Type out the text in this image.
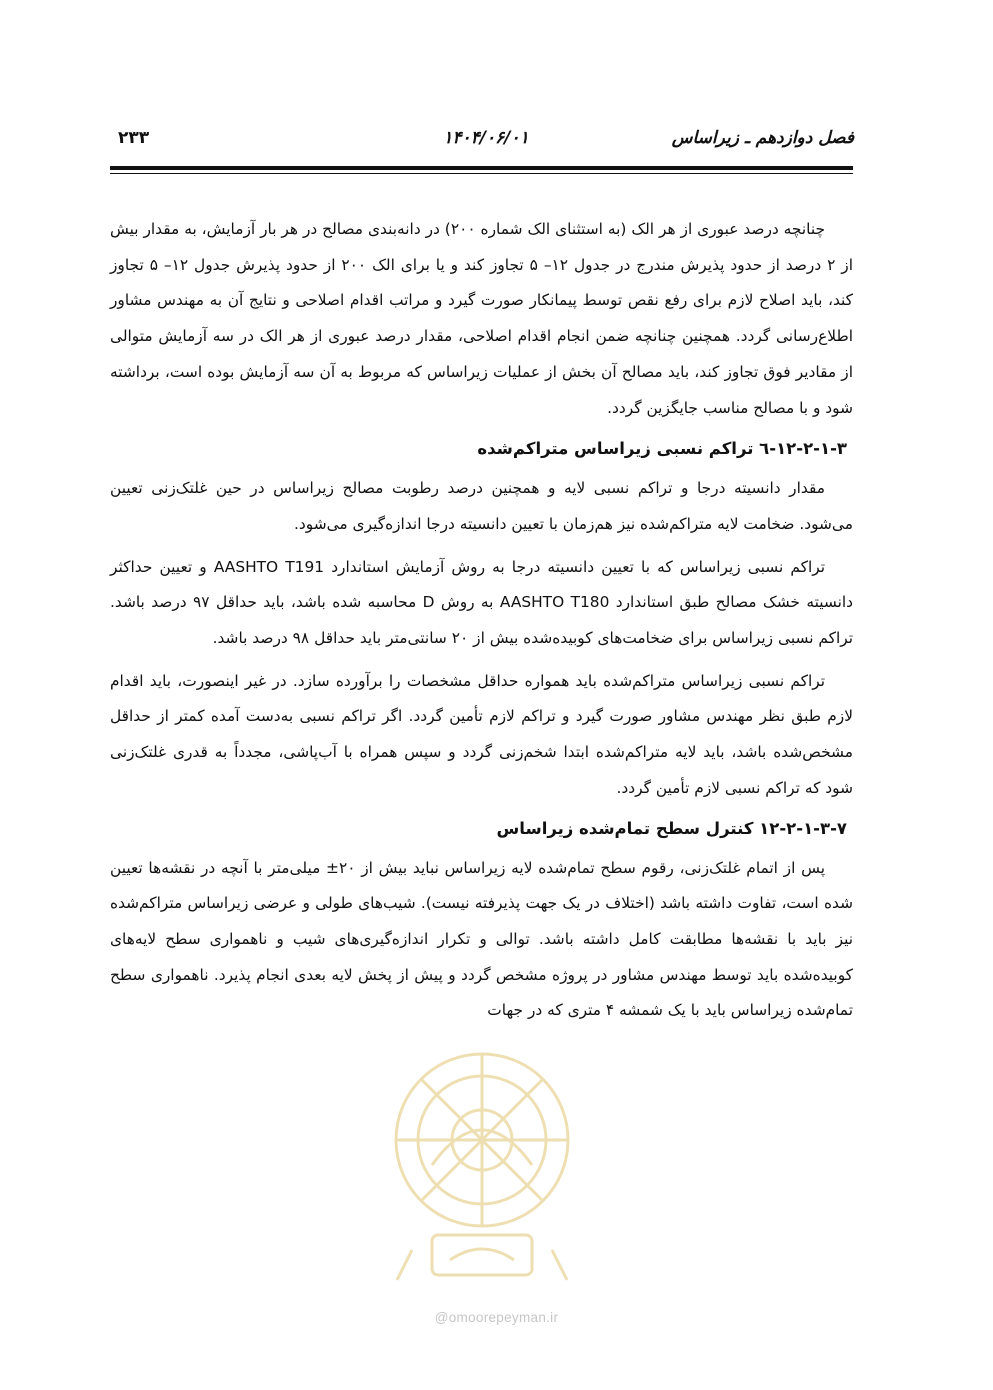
فصل دوازدهم ـ زیراساس
۱۴۰۴/۰۶/۰۱
۲۳۳
@omoorepeyman.ir

چنانچه درصد عبوری از هر الک (به استثنای الک شماره ۲۰۰) در دانه‌بندی مصالح در هر بار آزمایش، به مقدار بیش از ۲ درصد از حدود پذیرش مندرج در جدول ۱۲– ۵ تجاوز کند و یا برای الک ۲۰۰ از حدود پذیرش جدول ۱۲– ۵ تجاوز کند، باید اصلاح لازم برای رفع نقص توسط پیمانکار صورت گیرد و مراتب اقدام اصلاحی و نتایج آن به مهندس مشاور اطلاع‌رسانی گردد. همچنین چنانچه ضمن انجام اقدام اصلاحی، مقدار درصد عبوری از هر الک در سه آزمایش متوالی از مقادیر فوق تجاوز کند، باید مصالح آن بخش از عملیات زیراساس که مربوط به آن سه آزمایش بوده است، برداشته شود و با مصالح مناسب جایگزین گردد.

۱۲-۲-۱-۳-٦ تراکم نسبی زیراساس متراکم‌شده

مقدار دانسیته درجا و تراکم نسبی لایه و همچنین درصد رطوبت مصالح زیراساس در حین غلتک‌زنی تعیین می‌شود. ضخامت لایه متراکم‌شده نیز هم‌زمان با تعیین دانسیته درجا اندازه‌گیری می‌شود.

تراکم نسبی زیراساس که با تعیین دانسیته درجا به روش آزمایش استاندارد AASHTO T191 و تعیین حداکثر دانسیته خشک مصالح طبق استاندارد AASHTO T180 به روش D محاسبه شده باشد، باید حداقل ۹۷ درصد باشد. تراکم نسبی زیراساس برای ضخامت‌های کوبیده‌شده بیش از ۲۰ سانتی‌متر باید حداقل ۹۸ درصد باشد.

تراکم نسبی زیراساس متراکم‌شده باید همواره حداقل مشخصات را برآورده سازد. در غیر اینصورت، باید اقدام لازم طبق نظر مهندس مشاور صورت گیرد و تراکم لازم تأمین گردد. اگر تراکم نسبی به‌دست آمده کمتر از حداقل مشخص‌شده باشد، باید لایه متراکم‌شده ابتدا شخم‌زنی گردد و سپس همراه با آب‌پاشی، مجدداً به قدری غلتک‌زنی شود که تراکم نسبی لازم تأمین گردد.

۱۲-۲-۱-۳-۷ کنترل سطح تمام‌شده زیراساس

پس از اتمام غلتک‌زنی، رقوم سطح تمام‌شده لایه زیراساس نباید بیش از ۲۰± میلی‌متر با آنچه در نقشه‌ها تعیین شده است، تفاوت داشته باشد (اختلاف در یک جهت پذیرفته نیست). شیب‌های طولی و عرضی زیراساس متراکم‌شده نیز باید با نقشه‌ها مطابقت کامل داشته باشد. توالی و تکرار اندازه‌گیری‌های شیب و ناهمواری سطح لایه‌های کوبیده‌شده باید توسط مهندس مشاور در پروژه مشخص گردد و پیش از پخش لایه بعدی انجام پذیرد. ناهمواری سطح تمام‌شده زیراساس باید با یک شمشه ۴ متری که در جهات
